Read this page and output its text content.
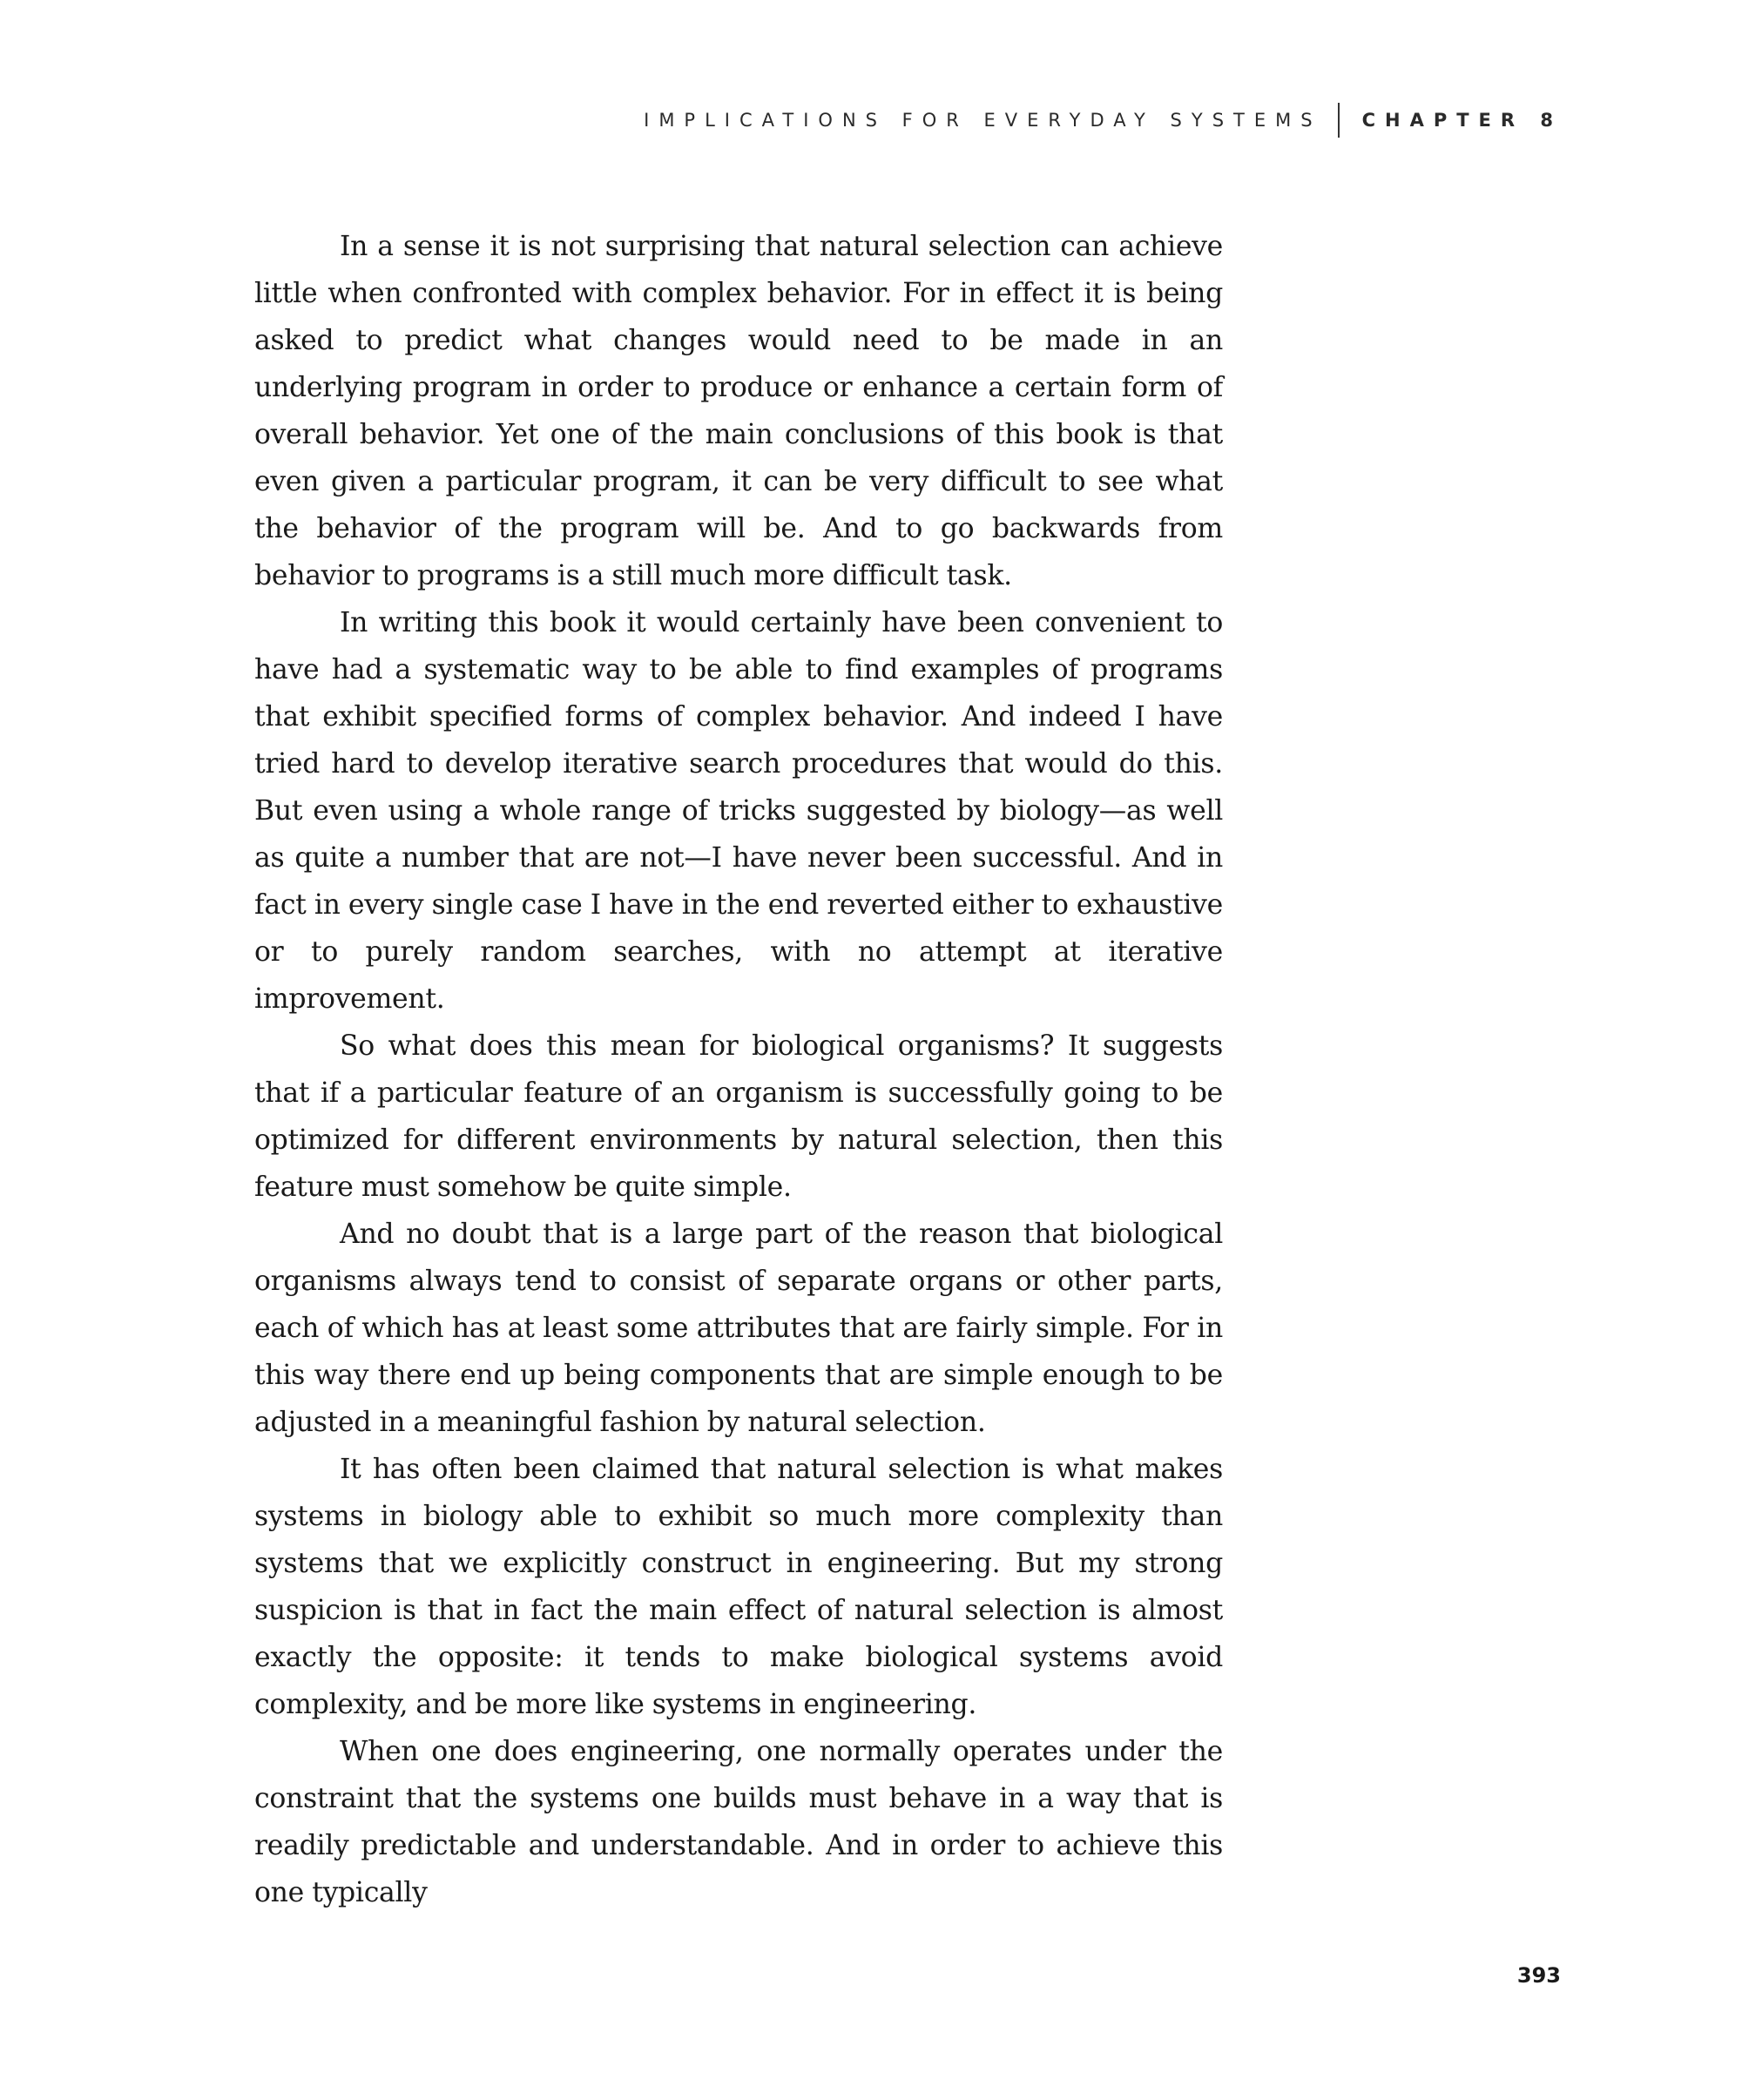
IMPLICATIONS FOR EVERYDAY SYSTEMS CHAPTER 8

In a sense it is not surprising that natural selection can achieve little when confronted with complex behavior. For in effect it is being asked to predict what changes would need to be made in an underlying program in order to produce or enhance a certain form of overall behavior. Yet one of the main conclusions of this book is that even given a particular program, it can be very difficult to see what the behavior of the program will be. And to go backwards from behavior to programs is a still much more difficult task.

In writing this book it would certainly have been convenient to have had a systematic way to be able to find examples of programs that exhibit specified forms of complex behavior. And indeed I have tried hard to develop iterative search procedures that would do this. But even using a whole range of tricks suggested by biology—as well as quite a number that are not—I have never been successful. And in fact in every single case I have in the end reverted either to exhaustive or to purely random searches, with no attempt at iterative improvement.

So what does this mean for biological organisms? It suggests that if a particular feature of an organism is successfully going to be optimized for different environments by natural selection, then this feature must somehow be quite simple.

And no doubt that is a large part of the reason that biological organisms always tend to consist of separate organs or other parts, each of which has at least some attributes that are fairly simple. For in this way there end up being components that are simple enough to be adjusted in a meaningful fashion by natural selection.

It has often been claimed that natural selection is what makes systems in biology able to exhibit so much more complexity than systems that we explicitly construct in engineering. But my strong suspicion is that in fact the main effect of natural selection is almost exactly the opposite: it tends to make biological systems avoid complexity, and be more like systems in engineering.

When one does engineering, one normally operates under the constraint that the systems one builds must behave in a way that is readily predictable and understandable. And in order to achieve this one typically

393
